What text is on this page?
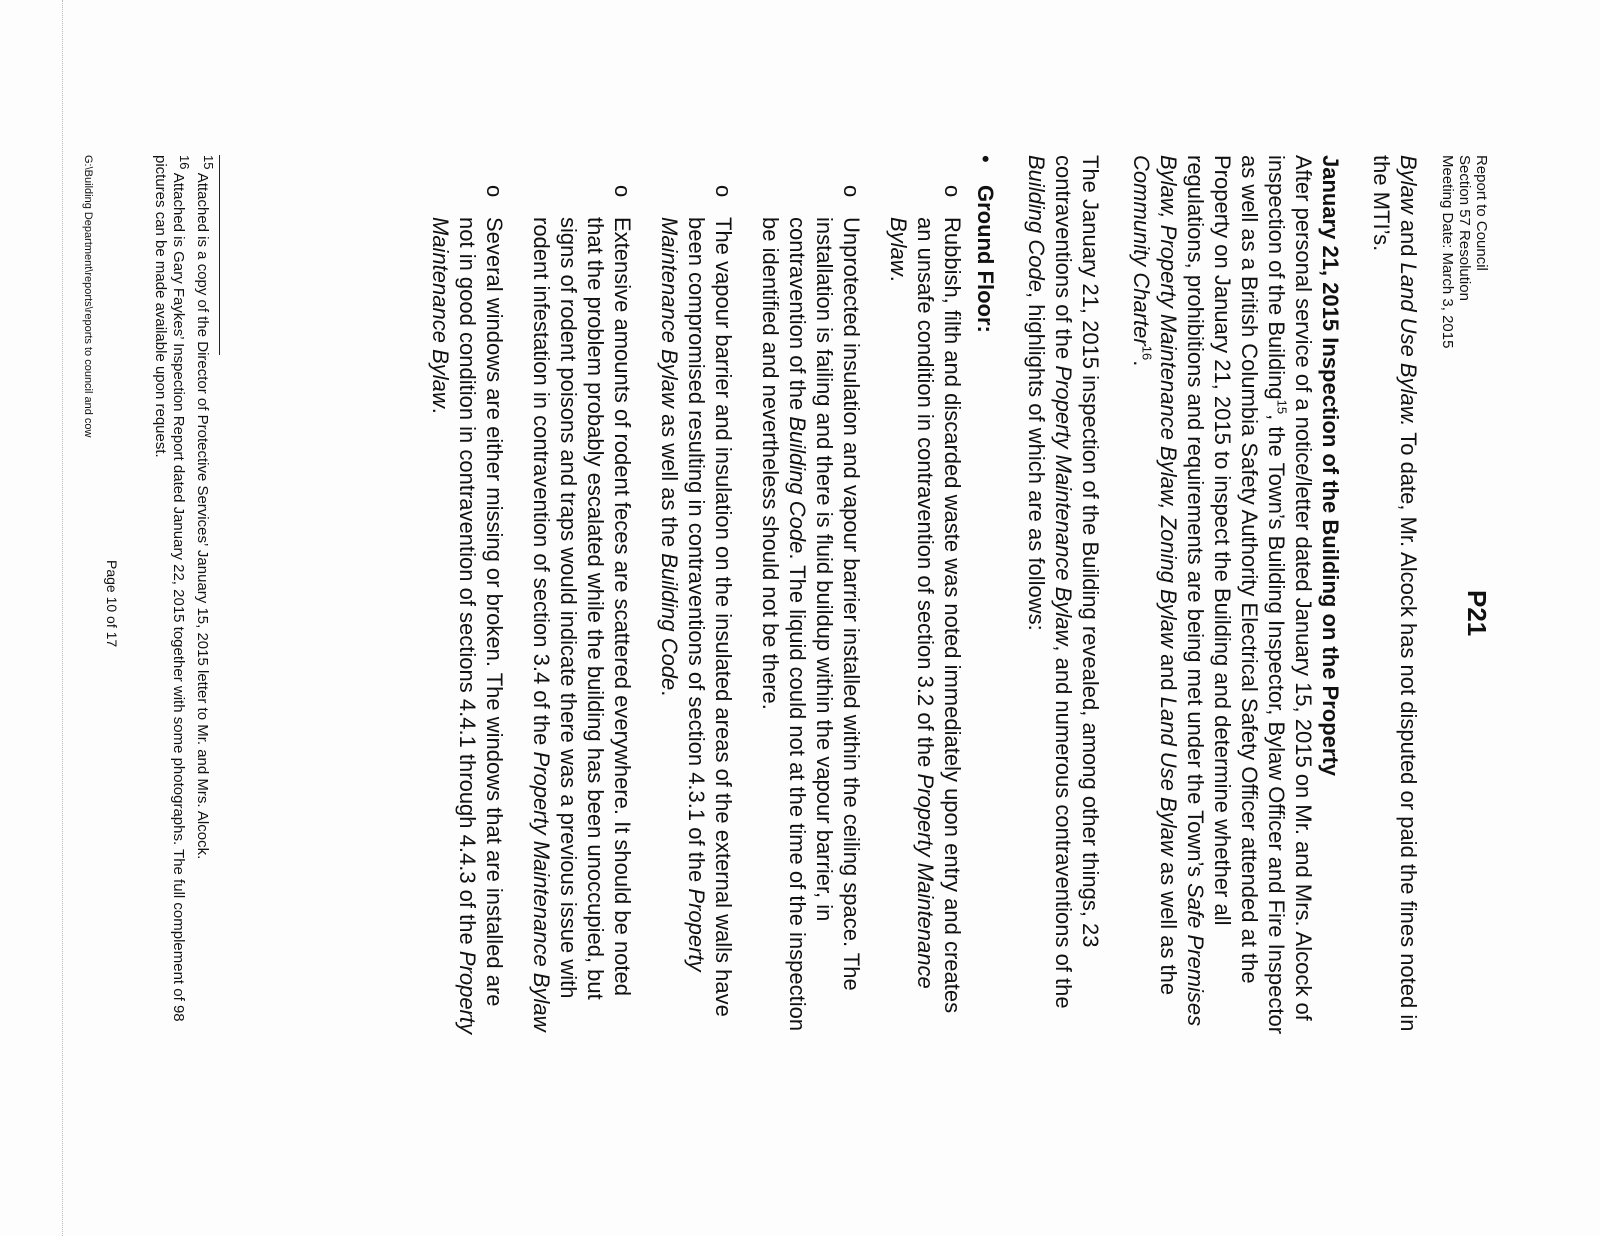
Report to Council
Section 57 Resolution
Meeting Date: March 3, 2015
P21

Bylaw and Land Use Bylaw. To date, Mr. Alcock has not disputed or paid the fines noted in the MTI’s.

January 21, 2015 Inspection of the Building on the Property
After personal service of a notice/letter dated January 15, 2015 on Mr. and Mrs. Alcock of inspection of the Building$^{15}$, the Town’s Building Inspector, Bylaw Officer and Fire Inspector as well as a British Columbia Safety Authority Electrical Safety Officer attended at the Property on January 21, 2015 to inspect the Building and determine whether all regulations, prohibitions and requirements are being met under the Town’s Safe Premises Bylaw, Property Maintenance Bylaw, Zoning Bylaw and Land Use Bylaw as well as the Community Charter$^{16}$.

The January 21, 2015 inspection of the Building revealed, among other things, 23 contraventions of the Property Maintenance Bylaw, and numerous contraventions of the Building Code, highlights of which are as follows:

•
Ground Floor:
o
Rubbish, filth and discarded waste was noted immediately upon entry and creates an unsafe condition in contravention of section 3.2 of the Property Maintenance Bylaw.
o
Unprotected insulation and vapour barrier installed within the ceiling space. The installation is failing and there is fluid buildup within the vapour barrier, in contravention of the Building Code. The liquid could not at the time of the inspection be identified and nevertheless should not be there.
o
The vapour barrier and insulation on the insulated areas of the external walls have been compromised resulting in contraventions of section 4.3.1 of the Property Maintenance Bylaw as well as the Building Code.
o
Extensive amounts of rodent feces are scattered everywhere. It should be noted that the problem probably escalated while the building has been unoccupied, but signs of rodent poisons and traps would indicate there was a previous issue with rodent infestation in contravention of section 3.4 of the Property Maintenance Bylaw
o
Several windows are either missing or broken. The windows that are installed are not in good condition in contravention of sections 4.4.1 through 4.4.3 of the Property Maintenance Bylaw.

$^{15}$ Attached is a copy of the Director of Protective Services’ January 15, 2015 letter to Mr. and Mrs. Alcock.

$^{16}$ Attached is Gary Faykes’ Inspection Report dated January 22, 2015 together with some photographs. The full complement of 98 pictures can be made available upon request.

Page 10 of 17
G:\Building Department\reports\reports to council and cow
